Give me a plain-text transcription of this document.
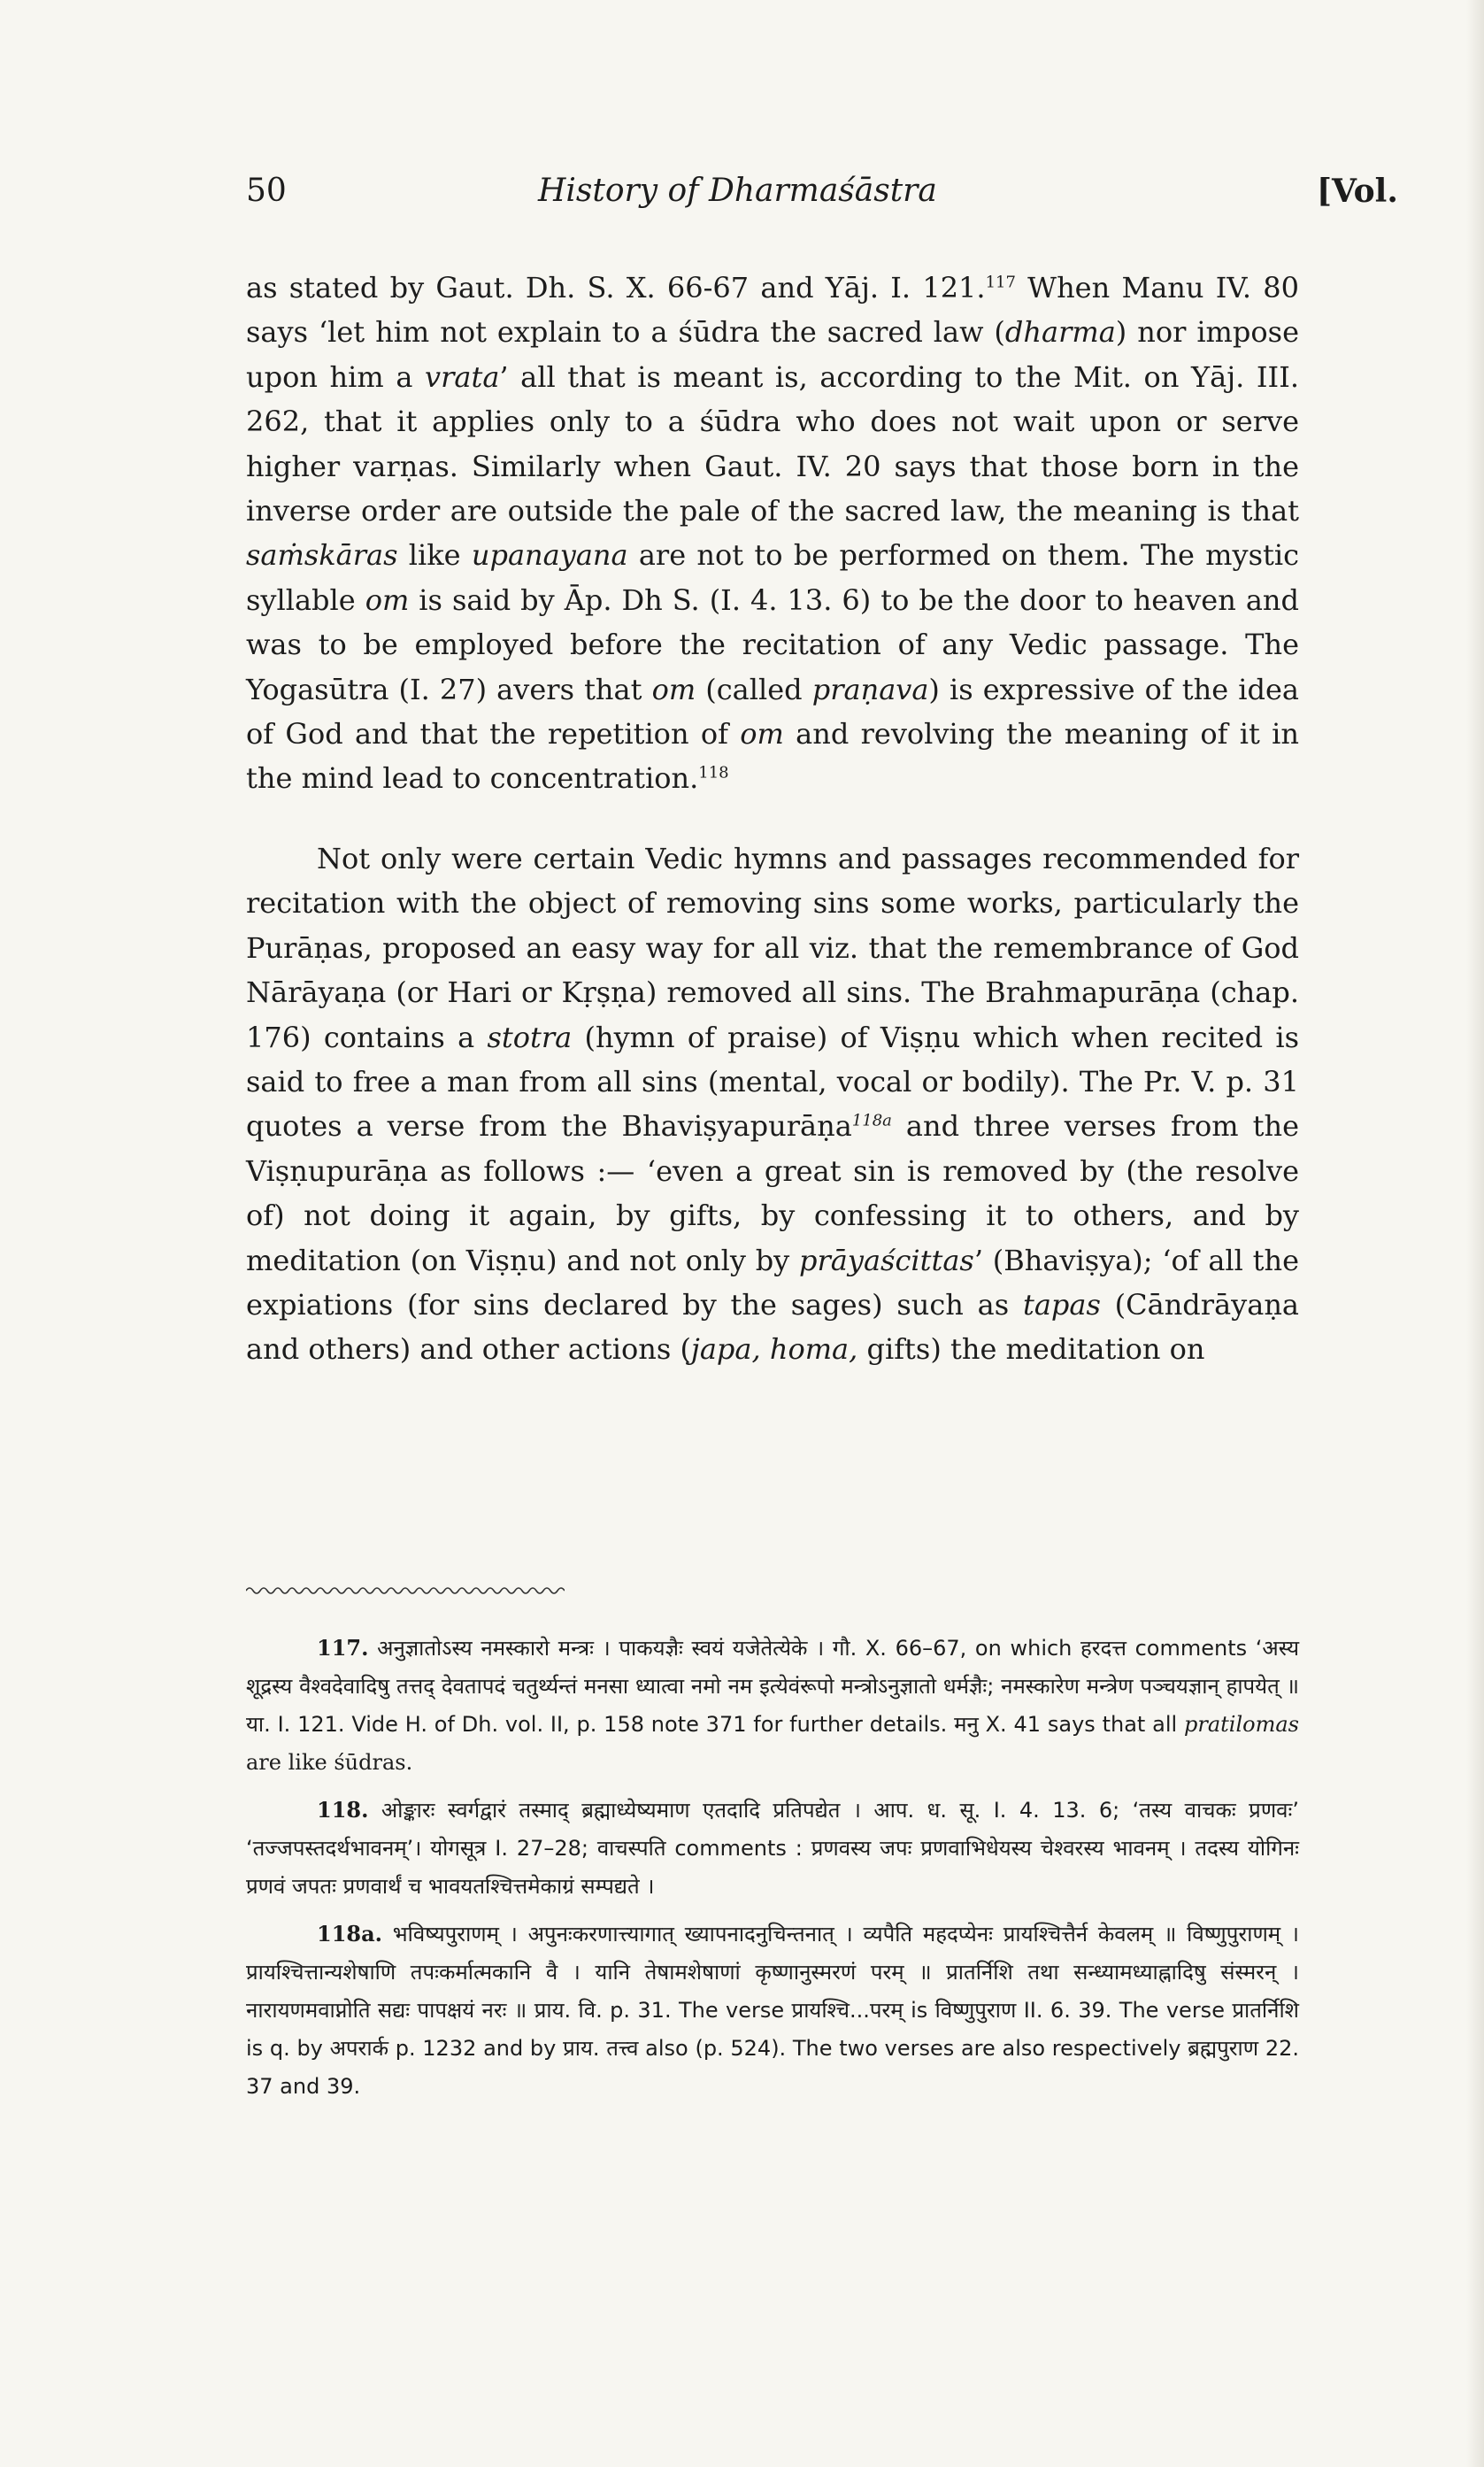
50	History of Dharmaśāstra	[Vol.

as stated by Gaut. Dh. S. X. 66-67 and Yāj. I. 121.$^{117}$ When Manu IV. 80 says ‘let him not explain to a śūdra the sacred law (dharma) nor impose upon him a vrata’ all that is meant is, according to the Mit. on Yāj. III. 262, that it applies only to a śūdra who does not wait upon or serve higher varṇas. Similarly when Gaut. IV. 20 says that those born in the inverse order are outside the pale of the sacred law, the meaning is that saṁskāras like upanayana are not to be performed on them. The mystic syllable om is said by Āp. Dh S. (I. 4. 13. 6) to be the door to heaven and was to be employed before the recitation of any Vedic passage. The Yogasūtra (I. 27) avers that om (called praṇava) is expressive of the idea of God and that the repetition of om and revolving the meaning of it in the mind lead to concentration.$^{118}$

Not only were certain Vedic hymns and passages recommended for recitation with the object of removing sins some works, particularly the Purāṇas, proposed an easy way for all viz. that the remembrance of God Nārāyaṇa (or Hari or Kṛṣṇa) removed all sins. The Brahmapurāṇa (chap. 176) contains a stotra (hymn of praise) of Viṣṇu which when recited is said to free a man from all sins (mental, vocal or bodily). The Pr. V. p. 31 quotes a verse from the Bhaviṣyapurāṇa$^{118a}$ and three verses from the Viṣṇupurāṇa as follows :— ‘even a great sin is removed by (the resolve of) not doing it again, by gifts, by confessing it to others, and by meditation (on Viṣṇu) and not only by prāyaścittas’ (Bhaviṣya); ‘of all the expiations (for sins declared by the sages) such as tapas (Cāndrāyaṇa and others) and other actions (japa, homa, gifts) the meditation on

117. अनुज्ञातोऽस्य नमस्कारो मन्त्रः । पाकयज्ञैः स्वयं यजेतेत्येके । गौ. X. 66–67, on which हरदत्त comments ‘अस्य शूद्रस्य वैश्वदेवादिषु तत्तद् देवतापदं चतुर्थ्यन्तं मनसा ध्यात्वा नमो नम इत्येवंरूपो मन्त्रोऽनुज्ञातो धर्मज्ञैः; नमस्कारेण मन्त्रेण पञ्चयज्ञान् हापयेत् ॥ या. I. 121. Vide H. of Dh. vol. II, p. 158 note 371 for further details. मनु X. 41 says that all pratilomas are like śūdras.

118. ओङ्कारः स्वर्गद्वारं तस्माद् ब्रह्माध्येष्यमाण एतदादि प्रतिपद्येत । आप. ध. सू. I. 4. 13. 6; ‘तस्य वाचकः प्रणवः’ ‘तज्जपस्तदर्थभावनम्’। योगसूत्र I. 27–28; वाचस्पति comments : प्रणवस्य जपः प्रणवाभिधेयस्य चेश्वरस्य भावनम् । तदस्य योगिनः प्रणवं जपतः प्रणवार्थं च भावयतश्चित्तमेकाग्रं सम्पद्यते ।

118a. भविष्यपुराणम् । अपुनःकरणात्त्यागात् ख्यापनादनुचिन्तनात् । व्यपैति महदप्येनः प्रायश्चित्तैर्न केवलम् ॥ विष्णुपुराणम् । प्रायश्चित्तान्यशेषाणि तपःकर्मात्मकानि वै । यानि तेषामशेषाणां कृष्णानुस्मरणं परम् ॥ प्रातर्निशि तथा सन्ध्यामध्याह्नादिषु संस्मरन् । नारायणमवाप्नोति सद्यः पापक्षयं नरः ॥ प्राय. वि. p. 31. The verse प्रायश्चि...परम् is विष्णुपुराण II. 6. 39. The verse प्रातर्निशि is q. by अपरार्क p. 1232 and by प्राय. तत्त्व also (p. 524). The two verses are also respectively ब्रह्मपुराण 22. 37 and 39.
